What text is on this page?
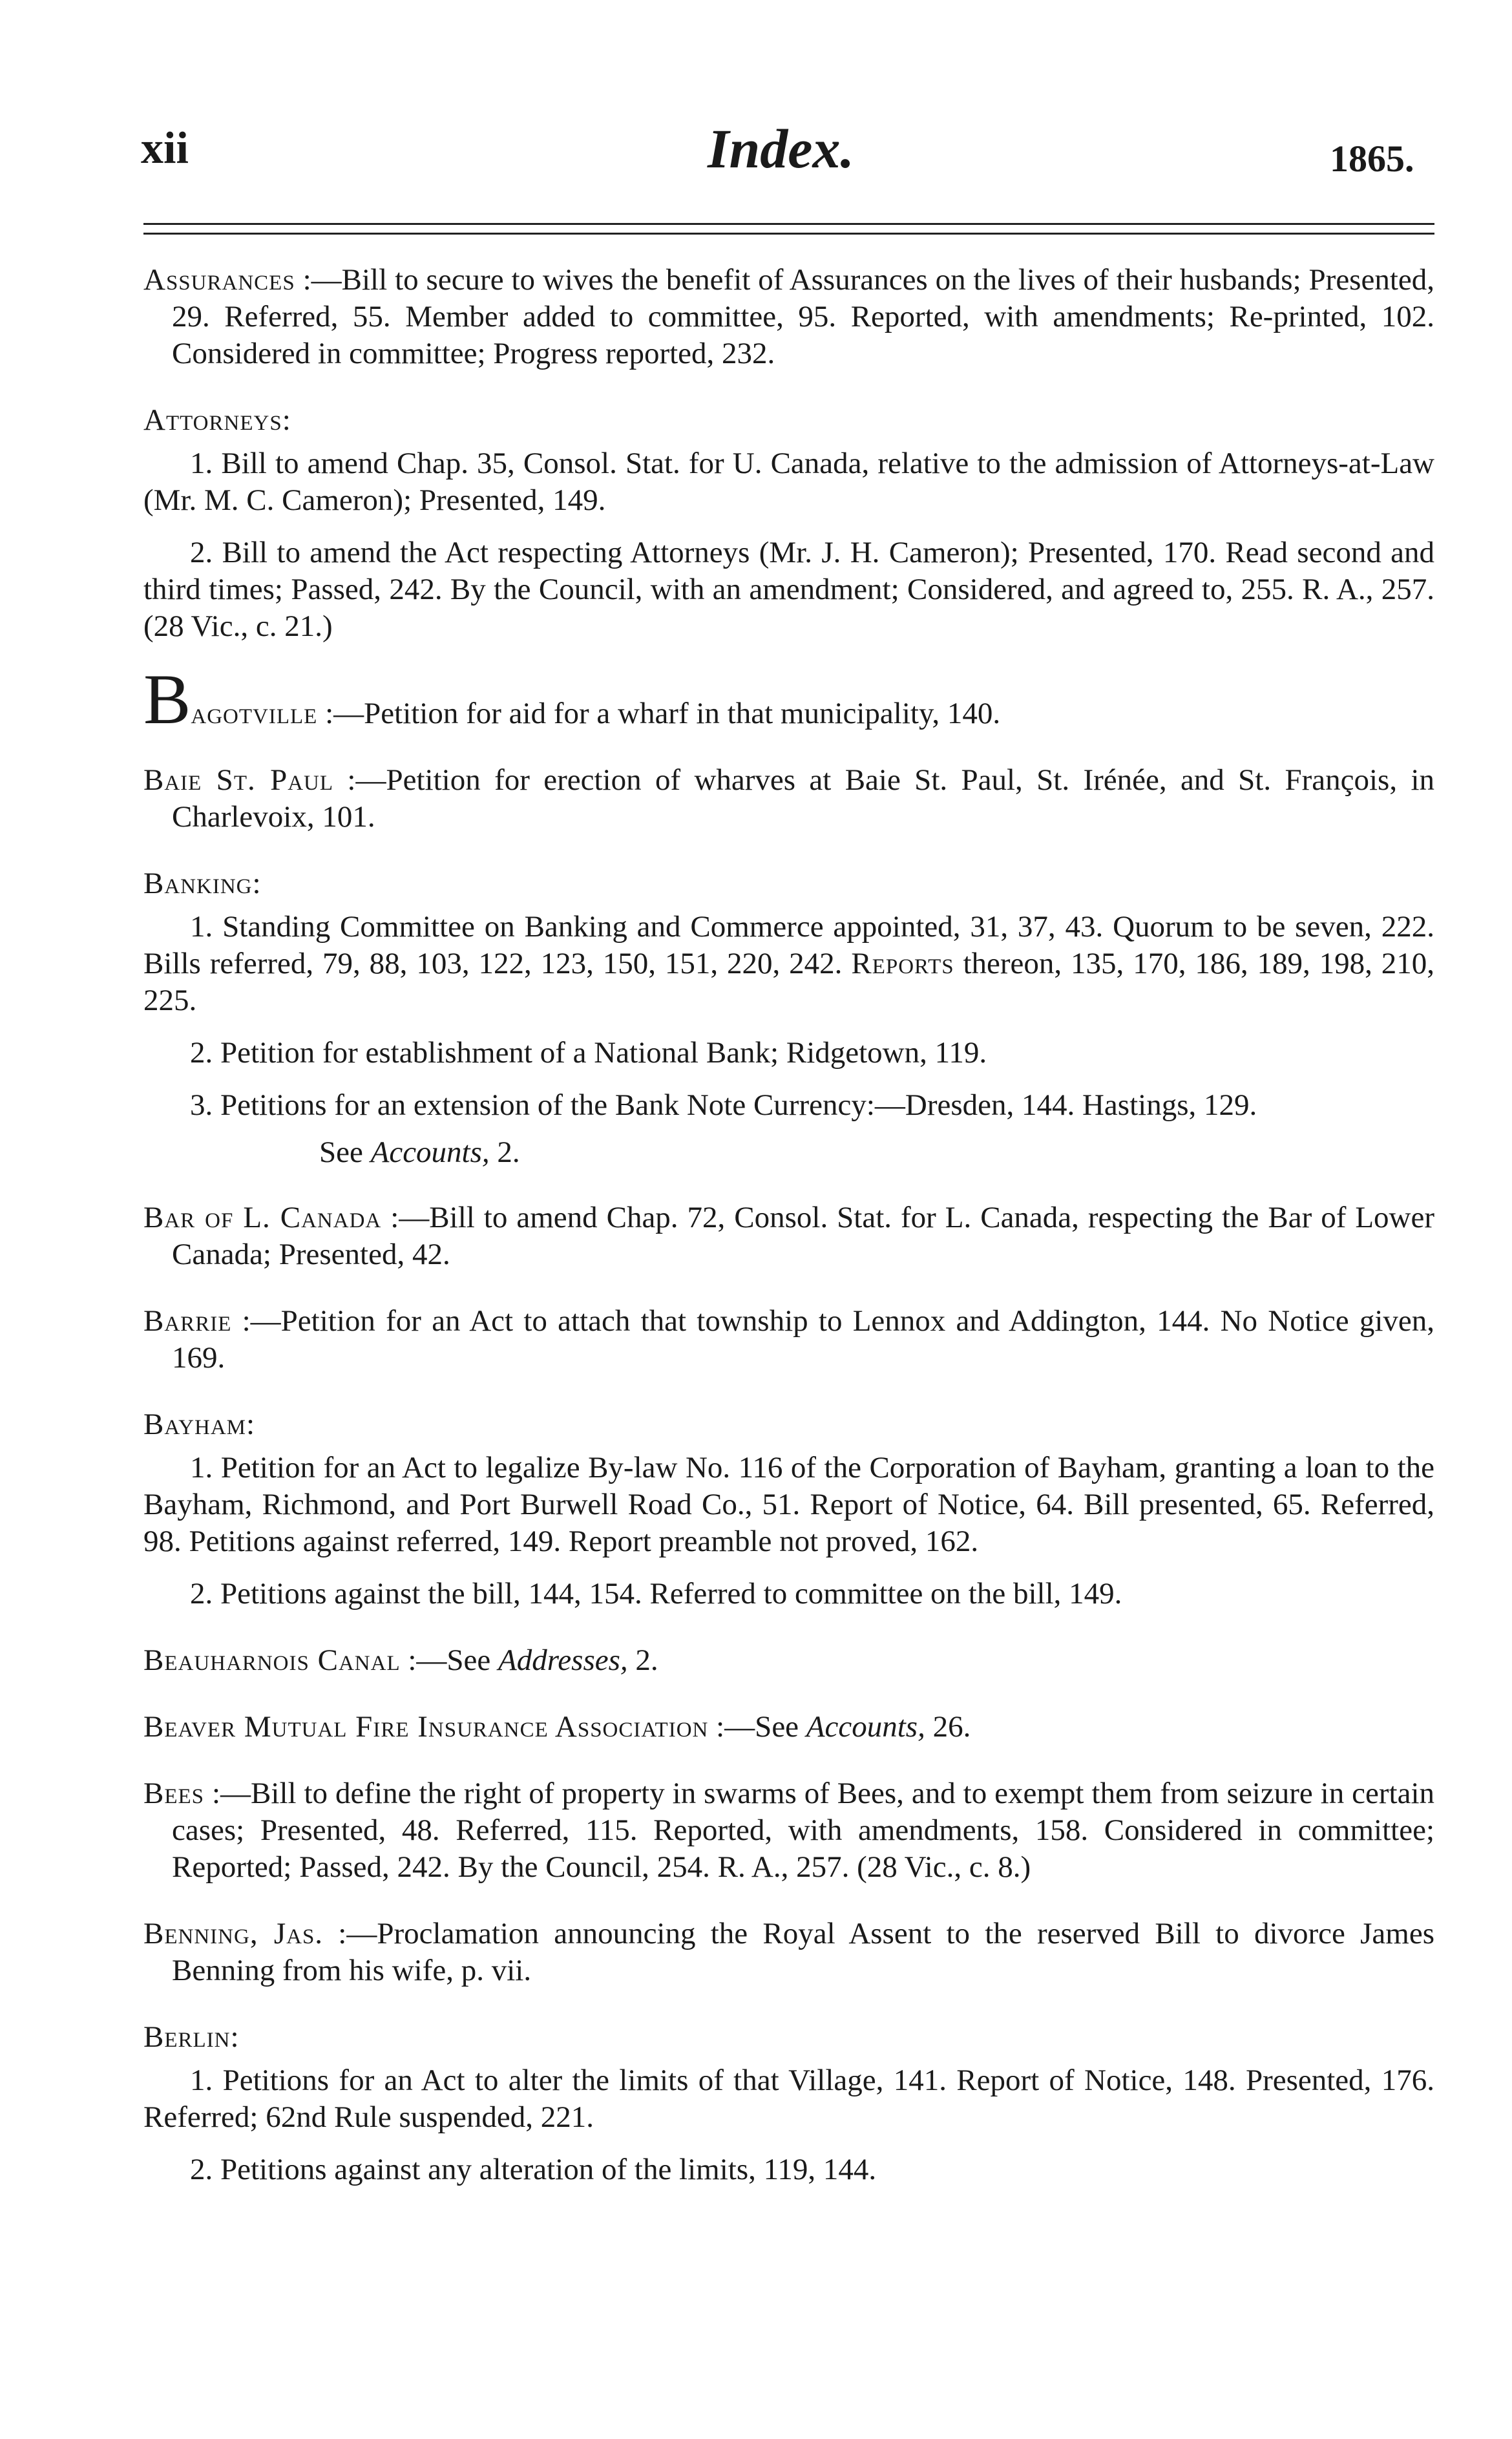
xii	Index.	1865.

Assurances :—Bill to secure to wives the benefit of Assurances on the lives of their husbands; Presented, 29. Referred, 55. Member added to committee, 95. Reported, with amendments; Re-printed, 102. Considered in committee; Progress reported, 232.

Attorneys:

1. Bill to amend Chap. 35, Consol. Stat. for U. Canada, relative to the admission of Attorneys-at-Law (Mr. M. C. Cameron); Presented, 149.

2. Bill to amend the Act respecting Attorneys (Mr. J. H. Cameron); Presented, 170. Read second and third times; Passed, 242. By the Council, with an amendment; Considered, and agreed to, 255. R. A., 257. (28 Vic., c. 21.)

Bagotville :—Petition for aid for a wharf in that municipality, 140.

Baie St. Paul :—Petition for erection of wharves at Baie St. Paul, St. Irénée, and St. François, in Charlevoix, 101.

Banking:

1. Standing Committee on Banking and Commerce appointed, 31, 37, 43. Quorum to be seven, 222. Bills referred, 79, 88, 103, 122, 123, 150, 151, 220, 242. Reports thereon, 135, 170, 186, 189, 198, 210, 225.

2. Petition for establishment of a National Bank; Ridgetown, 119.

3. Petitions for an extension of the Bank Note Currency:—Dresden, 144. Hastings, 129.

See Accounts, 2.

Bar of L. Canada :—Bill to amend Chap. 72, Consol. Stat. for L. Canada, respecting the Bar of Lower Canada; Presented, 42.

Barrie :—Petition for an Act to attach that township to Lennox and Addington, 144. No Notice given, 169.

Bayham:

1. Petition for an Act to legalize By-law No. 116 of the Corporation of Bayham, granting a loan to the Bayham, Richmond, and Port Burwell Road Co., 51. Report of Notice, 64. Bill presented, 65. Referred, 98. Petitions against referred, 149. Report preamble not proved, 162.

2. Petitions against the bill, 144, 154. Referred to committee on the bill, 149.

Beauharnois Canal :—See Addresses, 2.

Beaver Mutual Fire Insurance Association :—See Accounts, 26.

Bees :—Bill to define the right of property in swarms of Bees, and to exempt them from seizure in certain cases; Presented, 48. Referred, 115. Reported, with amendments, 158. Considered in committee; Reported; Passed, 242. By the Council, 254. R. A., 257. (28 Vic., c. 8.)

Benning, Jas. :—Proclamation announcing the Royal Assent to the reserved Bill to divorce James Benning from his wife, p. vii.

Berlin:

1. Petitions for an Act to alter the limits of that Village, 141. Report of Notice, 148. Presented, 176. Referred; 62nd Rule suspended, 221.

2. Petitions against any alteration of the limits, 119, 144.
